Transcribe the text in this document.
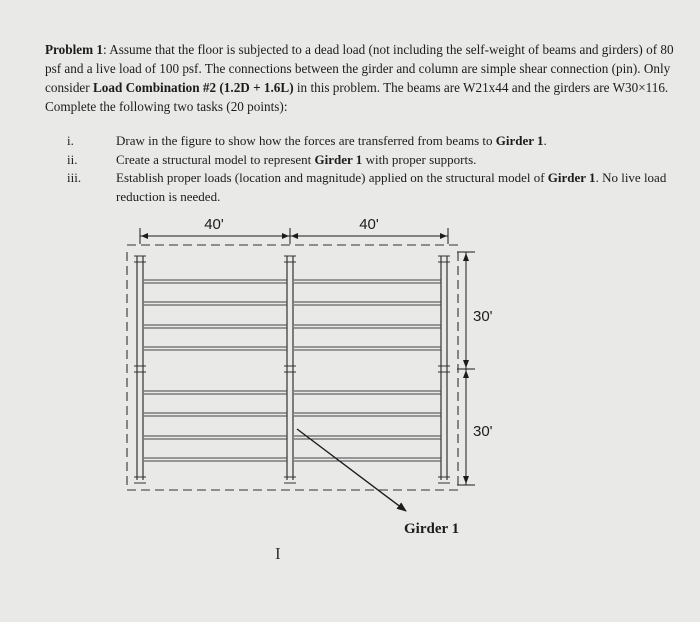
Problem 1: Assume that the floor is subjected to a dead load (not including the self-weight of beams and girders) of 80 psf and a live load of 100 psf. The connections between the girder and column are simple shear connection (pin). Only consider Load Combination #2 (1.2D + 1.6L) in this problem. The beams are W21x44 and the girders are W30×116. Complete the following two tasks (20 points):

i.	Draw in the figure to show how the forces are transferred from beams to Girder 1.
ii.	Create a structural model to represent Girder 1 with proper supports.
iii.	Establish proper loads (location and magnitude) applied on the structural model of Girder 1. No live load reduction is needed.
40'	40'
30'
30'
Girder 1
I
